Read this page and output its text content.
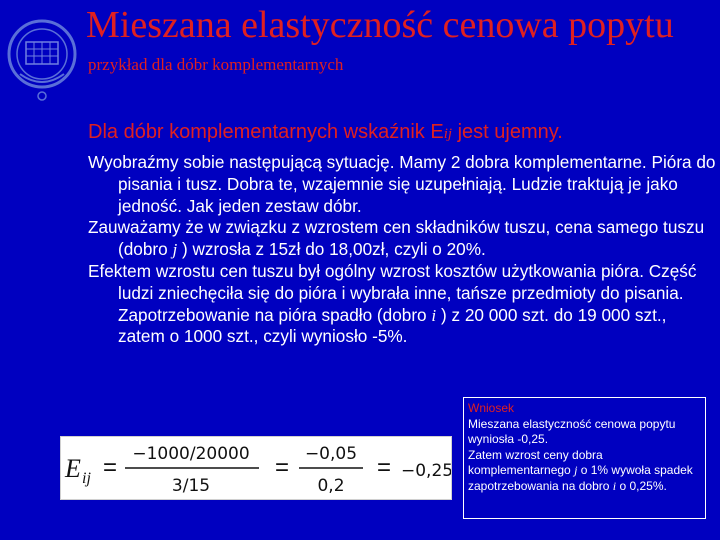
Mieszana elastyczność cenowa popytu
przykład dla dóbr komplementarnych
Dla dóbr komplementarnych wskaźnik Eij jest ujemny.

Wyobraźmy sobie następującą sytuację. Mamy 2 dobra komplementarne. Pióra do pisania i tusz. Dobra te, wzajemnie się uzupełniają. Ludzie traktują je jako jedność. Jak jeden zestaw dóbr.

Zauważamy że w związku z wzrostem cen składników tuszu, cena samego tuszu (dobro j ) wzrosła z 15zł do 18,00zł, czyli o 20%.

Efektem wzrostu cen tuszu był ogólny wzrost kosztów użytkowania pióra. Część ludzi zniechęciła się do pióra i wybrała inne, tańsze przedmioty do pisania. Zapotrzebowanie na pióra spadło (dobro i ) z 20 000 szt. do 19 000 szt., zatem o 1000 szt., czyli wyniosło -5%.

E ij = −1000/20000
3/15
= −0,05
0,2
= −0,25
Wniosek
Mieszana elastyczność cenowa popytu wyniosła -0,25.
Zatem wzrost ceny dobra komplementarnego j o 1% wywoła spadek zapotrzebowania na dobro i o 0,25%.
